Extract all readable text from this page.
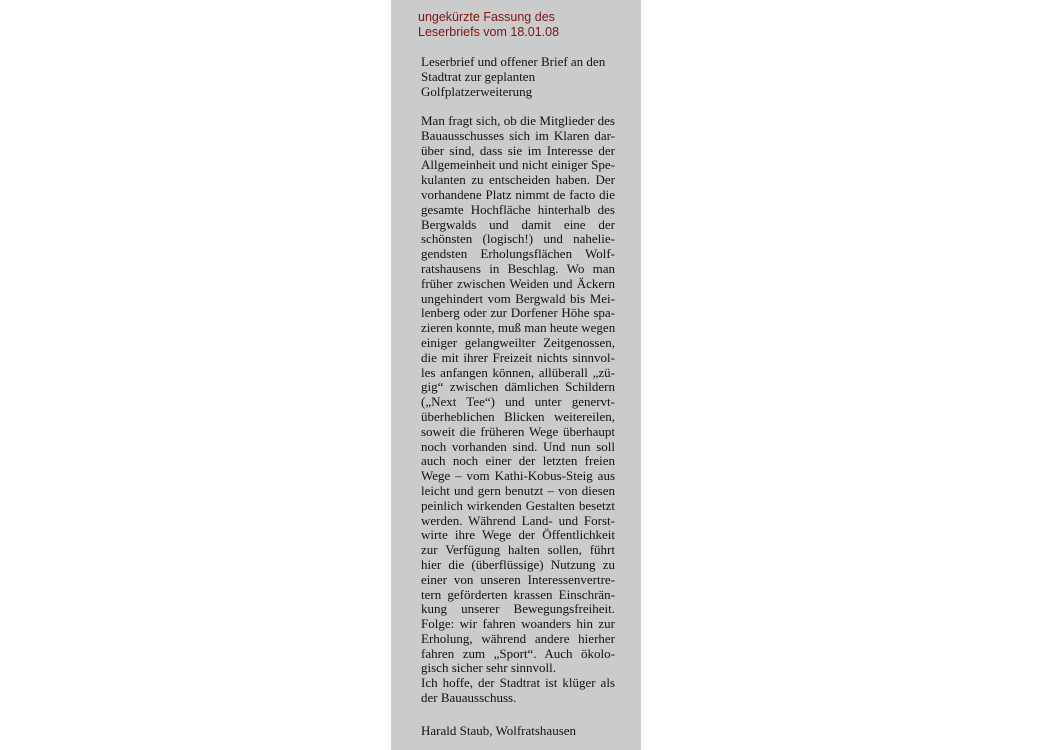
ungekürzte Fassung des
Leserbriefs vom 18.01.08
Leserbrief und offener Brief an den
Stadtrat zur geplanten
Golfplatzerweiterung
Man fragt sich, ob die Mitglieder des
Bauausschusses sich im Klaren dar-
über sind, dass sie im Interesse der
Allgemeinheit und nicht einiger Spe-
kulanten zu entscheiden haben. Der
vorhandene Platz nimmt de facto die
gesamte Hochfläche hinterhalb des
Bergwalds und damit eine der
schönsten (logisch!) und nahelie-
gendsten Erholungsflächen Wolf-
ratshausens in Beschlag. Wo man
früher zwischen Weiden und Äckern
ungehindert vom Bergwald bis Mei-
lenberg oder zur Dorfener Höhe spa-
zieren konnte, muß man heute wegen
einiger gelangweilter Zeitgenossen,
die mit ihrer Freizeit nichts sinnvol-
les anfangen können, allüberall „zü-
gig“ zwischen dämlichen Schildern
(„Next Tee“) und unter genervt-
überheblichen Blicken weitereilen,
soweit die früheren Wege überhaupt
noch vorhanden sind. Und nun soll
auch noch einer der letzten freien
Wege – vom Kathi-Kobus-Steig aus
leicht und gern benutzt – von diesen
peinlich wirkenden Gestalten besetzt
werden. Während Land- und Forst-
wirte ihre Wege der Öffentlichkeit
zur Verfügung halten sollen, führt
hier die (überflüssige) Nutzung zu
einer von unseren Interessenvertre-
tern geförderten krassen Einschrän-
kung unserer Bewegungsfreiheit.
Folge: wir fahren woanders hin zur
Erholung, während andere hierher
fahren zum „Sport“. Auch ökolo-
gisch sicher sehr sinnvoll.
Ich hoffe, der Stadtrat ist klüger als
der Bauausschuss.
Harald Staub, Wolfratshausen
